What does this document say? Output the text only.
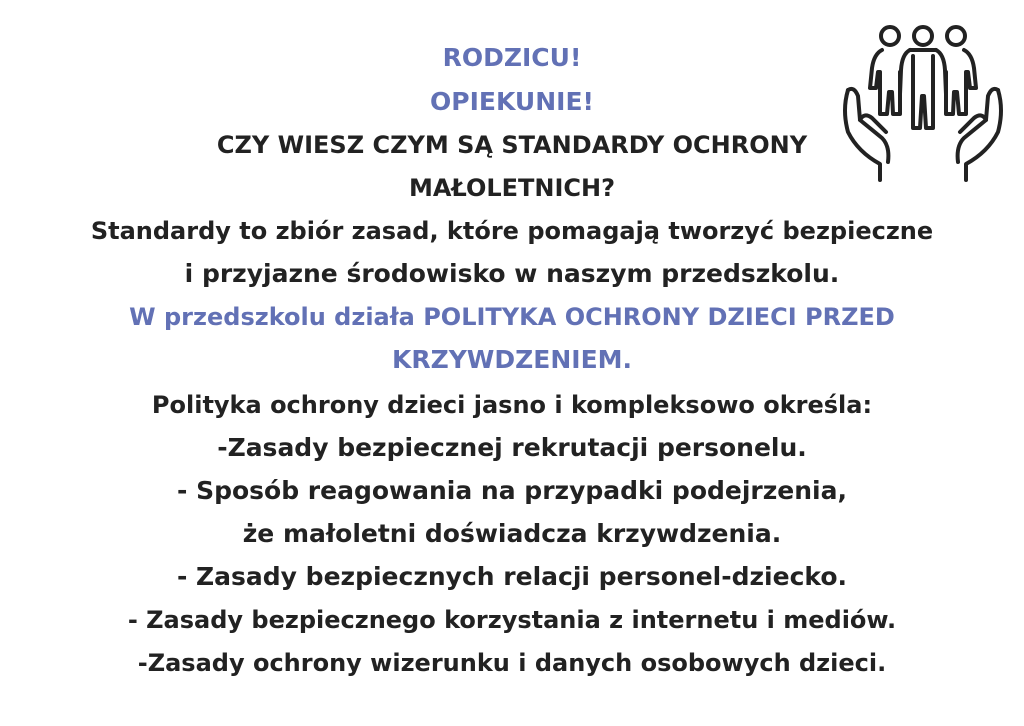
RODZICU!
OPIEKUNIE!
CZY WIESZ CZYM SĄ STANDARDY OCHRONY
MAŁOLETNICH?
Standardy to zbiór zasad, które pomagają tworzyć bezpieczne
i przyjazne środowisko w naszym przedszkolu.
W przedszkolu działa POLITYKA OCHRONY DZIECI PRZED
KRZYWDZENIEM.
Polityka ochrony dzieci jasno i kompleksowo określa:
-Zasady bezpiecznej rekrutacji personelu.
- Sposób reagowania na przypadki podejrzenia,
że małoletni doświadcza krzywdzenia.
- Zasady bezpiecznych relacji personel-dziecko.
- Zasady bezpiecznego korzystania z internetu i mediów.
-Zasady ochrony wizerunku i danych osobowych dzieci.
